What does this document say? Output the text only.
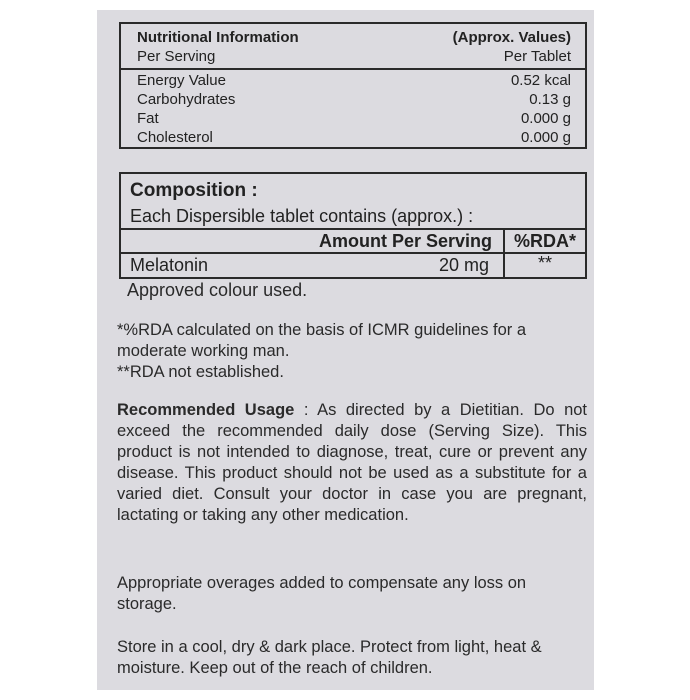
Nutritional Information	(Approx. Values)
Per Serving	Per Tablet
Energy Value	0.52 kcal
Carbohydrates	0.13 g
Fat	0.000 g
Cholesterol	0.000 g
Composition :
Each Dispersible tablet contains (approx.) :
Amount Per Serving %RDA*
Melatonin	20 mg	**
Approved colour used.
*%RDA calculated on the basis of ICMR guidelines for a moderate working man.
**RDA not established.
Recommended Usage : As directed by a Dietitian. Do not exceed the recommended daily dose (Serving Size). This product is not intended to diagnose, treat, cure or prevent any disease. This product should not be used as a substitute for a varied diet. Consult your doctor in case you are pregnant, lactating or taking any other medication.
Appropriate overages added to compensate any loss on storage.
Store in a cool, dry & dark place. Protect from light, heat & moisture. Keep out of the reach of children.
